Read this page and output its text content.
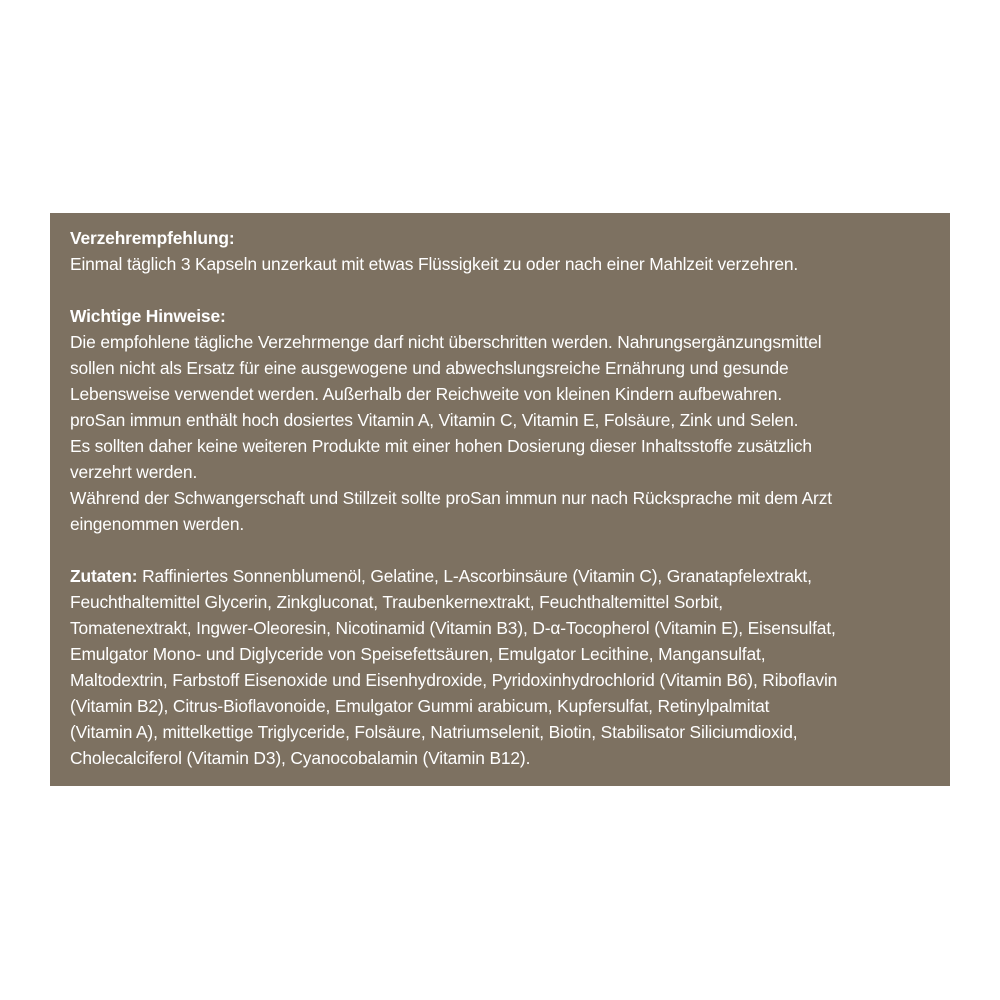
Verzehrempfehlung:
Einmal täglich 3 Kapseln unzerkaut mit etwas Flüssigkeit zu oder nach einer Mahlzeit verzehren.
Wichtige Hinweise:
Die empfohlene tägliche Verzehrmenge darf nicht überschritten werden. Nahrungsergänzungsmittel
sollen nicht als Ersatz für eine ausgewogene und abwechslungsreiche Ernährung und gesunde
Lebensweise verwendet werden. Außerhalb der Reichweite von kleinen Kindern aufbewahren.
proSan immun enthält hoch dosiertes Vitamin A, Vitamin C, Vitamin E, Folsäure, Zink und Selen.
Es sollten daher keine weiteren Produkte mit einer hohen Dosierung dieser Inhaltsstoffe zusätzlich
verzehrt werden.
Während der Schwangerschaft und Stillzeit sollte proSan immun nur nach Rücksprache mit dem Arzt
eingenommen werden.
Zutaten: Raffiniertes Sonnenblumenöl, Gelatine, L-Ascorbinsäure (Vitamin C), Granatapfelextrakt,
Feuchthaltemittel Glycerin, Zinkgluconat, Traubenkernextrakt, Feuchthaltemittel Sorbit,
Tomatenextrakt, Ingwer-Oleoresin, Nicotinamid (Vitamin B3), D-α-Tocopherol (Vitamin E), Eisensulfat,
Emulgator Mono- und Diglyceride von Speisefettsäuren, Emulgator Lecithine, Mangansulfat,
Maltodextrin, Farbstoff Eisenoxide und Eisenhydroxide, Pyridoxinhydrochlorid (Vitamin B6), Riboflavin
(Vitamin B2), Citrus-Bioflavonoide, Emulgator Gummi arabicum, Kupfersulfat, Retinylpalmitat
(Vitamin A), mittelkettige Triglyceride, Folsäure, Natriumselenit, Biotin, Stabilisator Siliciumdioxid,
Cholecalciferol (Vitamin D3), Cyanocobalamin (Vitamin B12).
